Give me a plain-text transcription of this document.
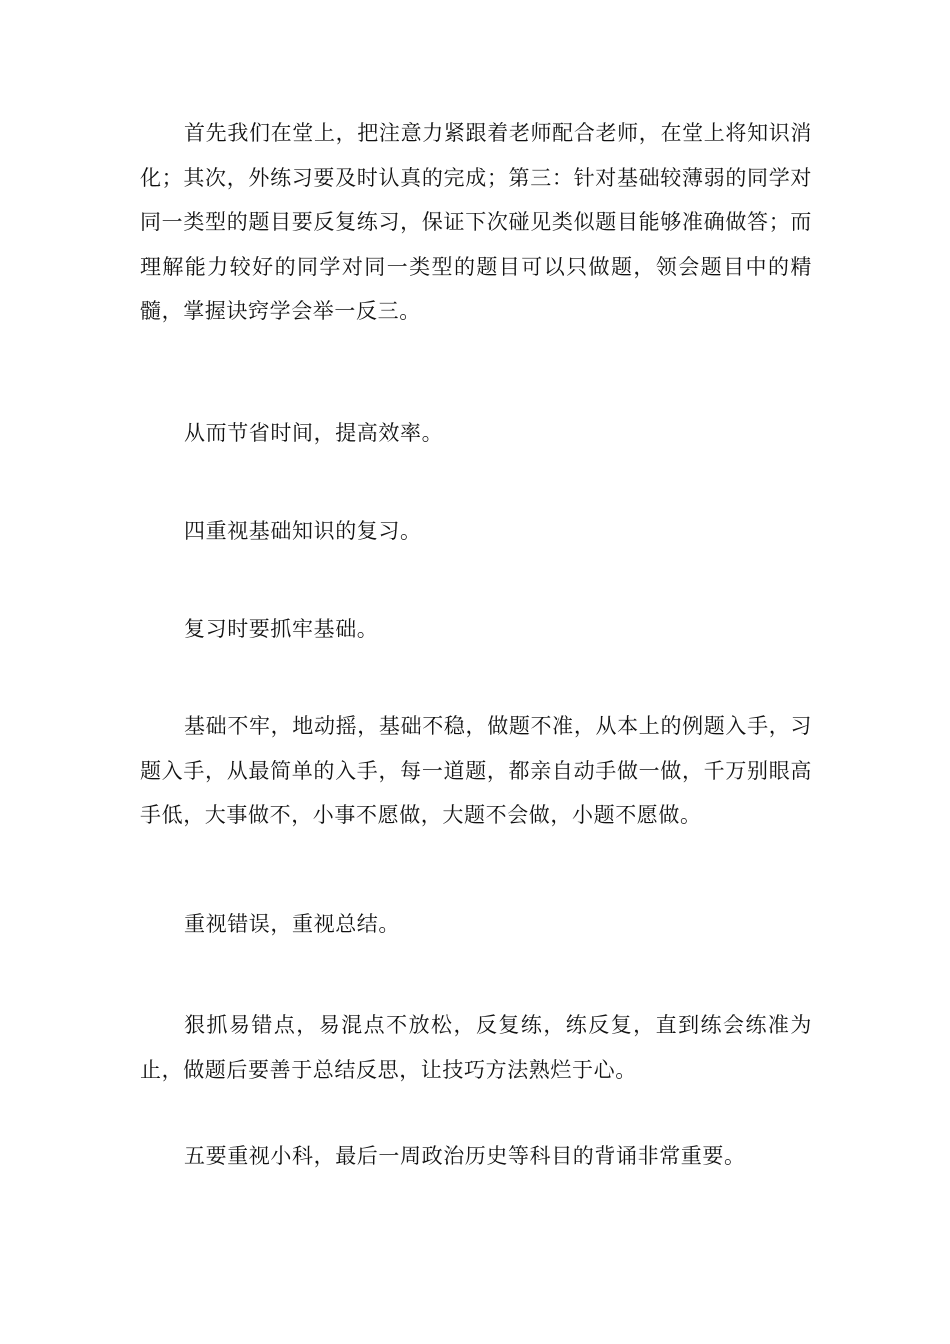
首先我们在堂上，把注意力紧跟着老师配合老师，在堂上将知识消化；其次，外练习要及时认真的完成；第三：针对基础较薄弱的同学对同一类型的题目要反复练习，保证下次碰见类似题目能够准确做答；而理解能力较好的同学对同一类型的题目可以只做题，领会题目中的精髓，掌握诀窍学会举一反三。

从而节省时间，提高效率。

四重视基础知识的复习。

复习时要抓牢基础。

基础不牢，地动摇，基础不稳，做题不准，从本上的例题入手，习题入手，从最简单的入手，每一道题，都亲自动手做一做，千万别眼高手低，大事做不，小事不愿做，大题不会做，小题不愿做。

重视错误，重视总结。

狠抓易错点，易混点不放松，反复练，练反复，直到练会练准为止，做题后要善于总结反思，让技巧方法熟烂于心。

五要重视小科，最后一周政治历史等科目的背诵非常重要。
